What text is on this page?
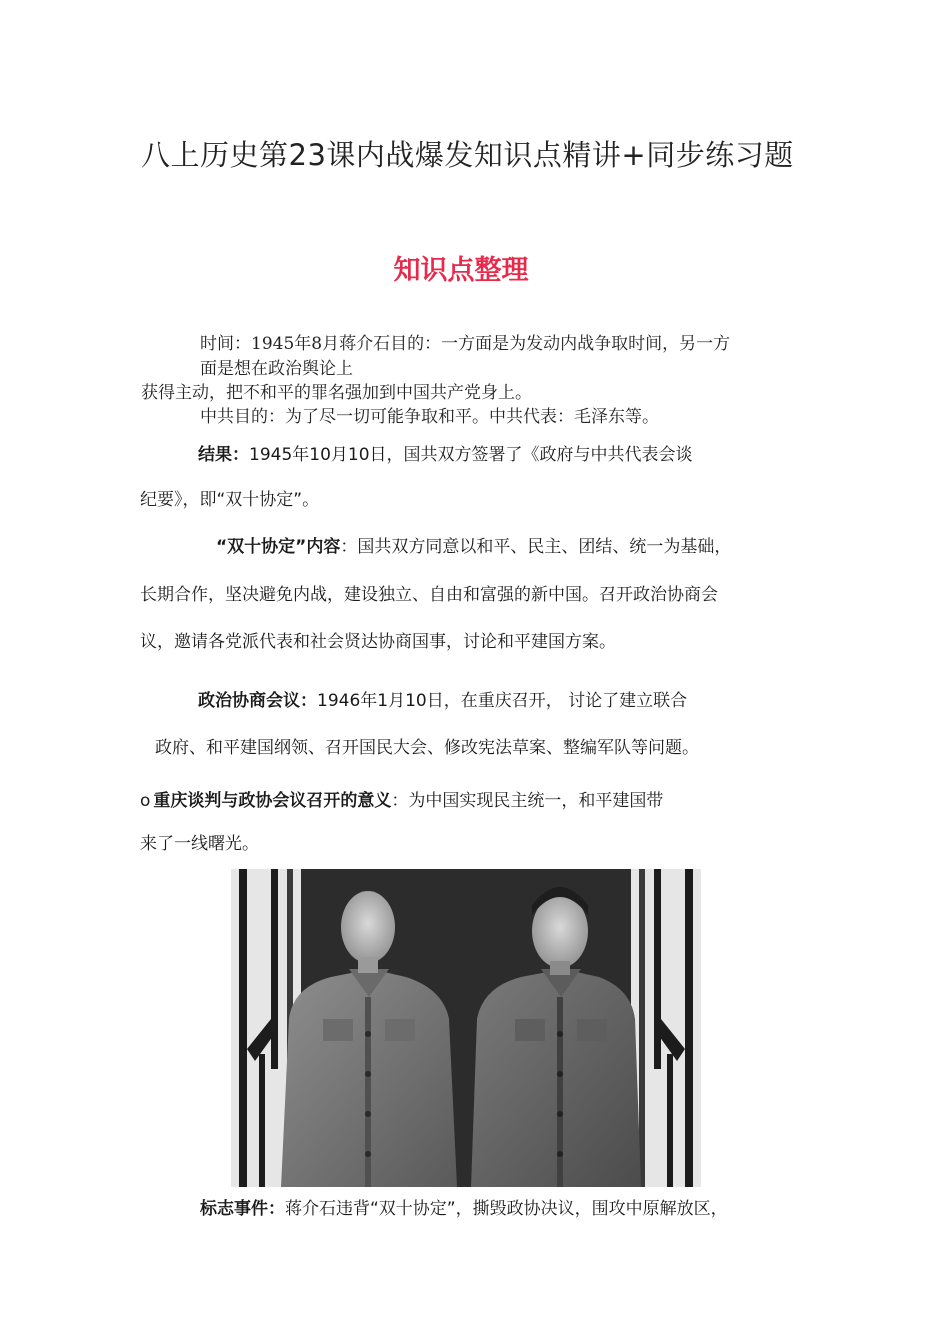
八上历史第23课内战爆发知识点精讲+同步练习题
知识点整理
时间：1945年8月蒋介石目的：一方面是为发动内战争取时间，另一方
面是想在政治舆论上
获得主动，把不和平的罪名强加到中国共产党身上。
中共目的：为了尽一切可能争取和平。中共代表：毛泽东等。
结果：1945年10月10日，国共双方签署了《政府与中共代表会谈
纪要》，即“双十协定”。
“双十协定”内容：国共双方同意以和平、民主、团结、统一为基础，
长期合作，坚决避免内战，建设独立、自由和富强的新中国。召开政治协商会
议，邀请各党派代表和社会贤达协商国事，讨论和平建国方案。
政治协商会议：1946年1月10日，在重庆召开， 讨论了建立联合
政府、和平建国纲领、召开国民大会、修改宪法草案、整编军队等问题。
o 重庆谈判与政协会议召开的意义：为中国实现民主统一，和平建国带
来了一线曙光。
标志事件：蒋介石违背“双十协定”，撕毁政协决议，围攻中原解放区，
